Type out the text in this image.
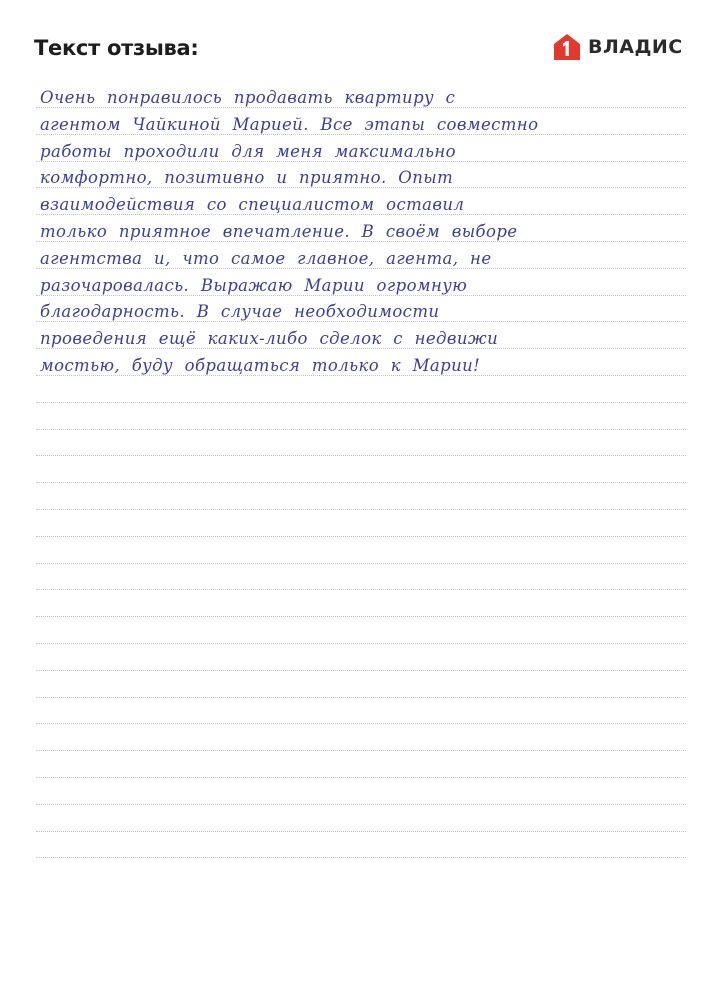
Текст отзыва:	ВЛАДИС
Очень понравилось продавать квартиру с
агентом Чайкиной Марией. Все этапы совместно
работы проходили для меня максимально
комфортно, позитивно и приятно. Опыт
взаимодействия со специалистом оставил
только приятное впечатление. В своём выборе
агентства и, что самое главное, агента, не
разочаровалась. Выражаю Марии огромную
благодарность. В случае необходимости
проведения ещё каких-либо сделок с недвижи
мостью, буду обращаться только к Марии!
